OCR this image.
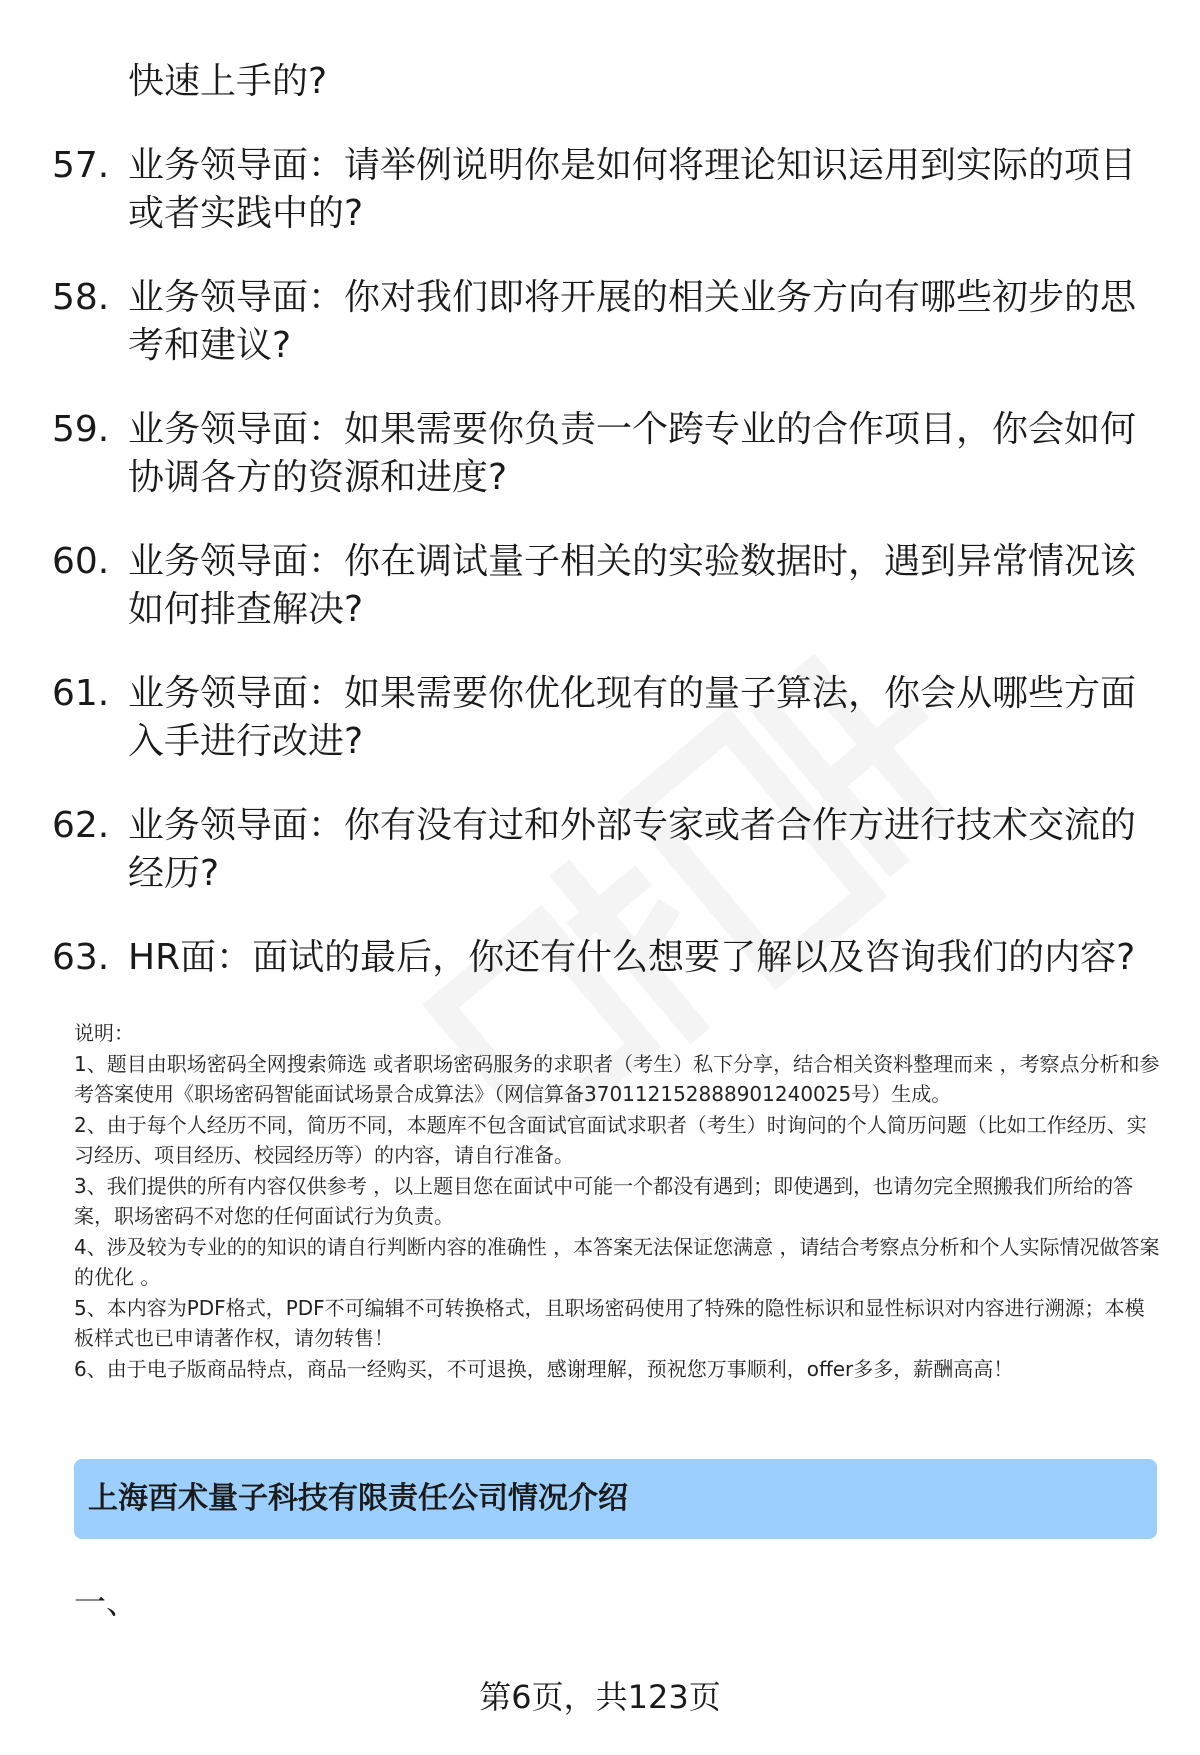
快速上手的?
57. 业务领导面：请举例说明你是如何将理论知识运用到实际的项目或者实践中的?
58. 业务领导面：你对我们即将开展的相关业务方向有哪些初步的思考和建议?
59. 业务领导面：如果需要你负责一个跨专业的合作项目，你会如何协调各方的资源和进度?
60. 业务领导面：你在调试量子相关的实验数据时，遇到异常情况该如何排查解决?
61. 业务领导面：如果需要你优化现有的量子算法，你会从哪些方面入手进行改进?
62. 业务领导面：你有没有过和外部专家或者合作方进行技术交流的经历?
63. HR面：面试的最后，你还有什么想要了解以及咨询我们的内容?
说明：
1、题目由职场密码全网搜索筛选 或者职场密码服务的求职者（考生）私下分享，结合相关资料整理而来 ，考察点分析和参考答案使用《职场密码智能面试场景合成算法》（网信算备370112152888901240025号）生成。
2、由于每个人经历不同，简历不同，本题库不包含面试官面试求职者（考生）时询问的个人简历问题（比如工作经历、实习经历、项目经历、校园经历等）的内容，请自行准备。
3、我们提供的所有内容仅供参考 ，以上题目您在面试中可能一个都没有遇到；即使遇到，也请勿完全照搬我们所给的答案，职场密码不对您的任何面试行为负责。
4、涉及较为专业的的知识的请自行判断内容的准确性 ，本答案无法保证您满意 ，请结合考察点分析和个人实际情况做答案的优化 。
5、本内容为PDF格式，PDF不可编辑不可转换格式，且职场密码使用了特殊的隐性标识和显性标识对内容进行溯源；本模板样式也已申请著作权，请勿转售！
6、由于电子版商品特点，商品一经购买，不可退换，感谢理解，预祝您万事顺利，offer多多，薪酬高高！
上海酉术量子科技有限责任公司情况介绍
一、
第6页，共123页
